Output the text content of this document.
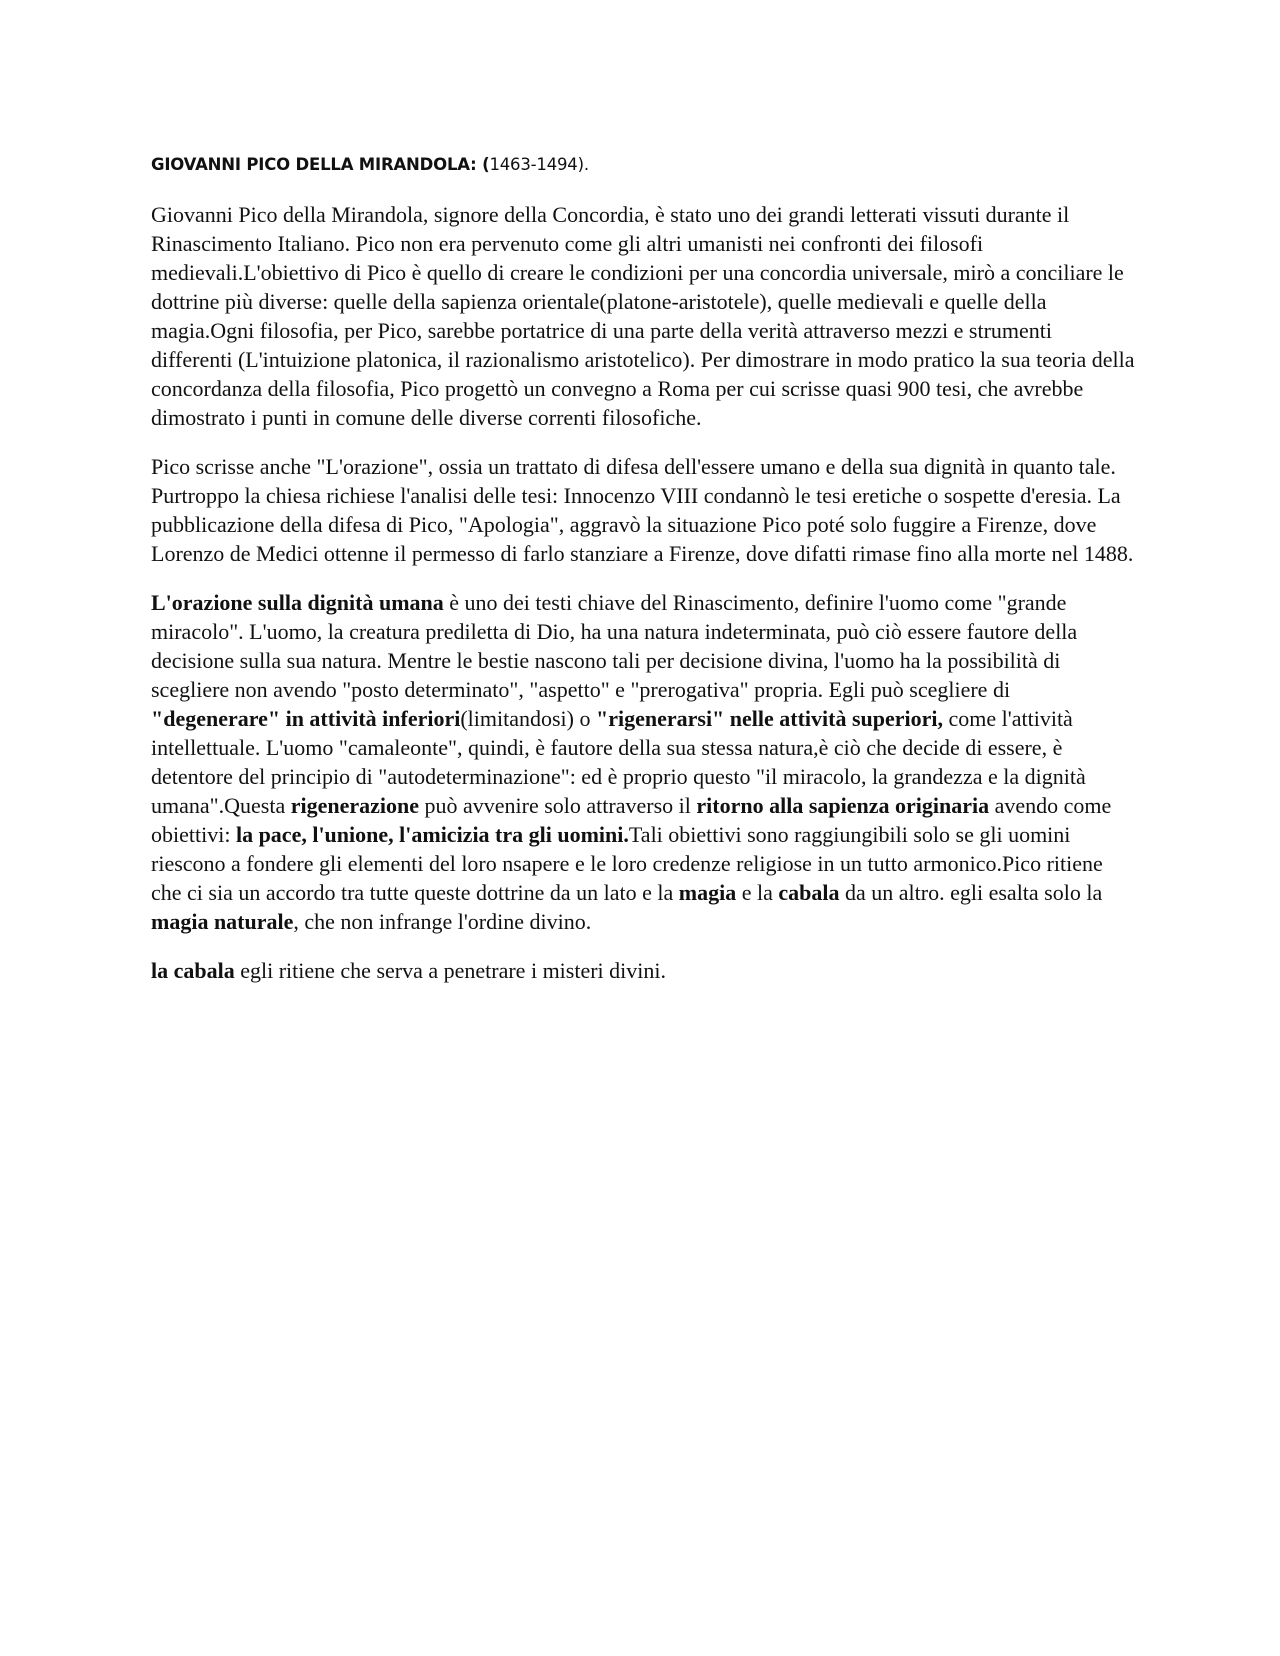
GIOVANNI PICO DELLA MIRANDOLA: (1463-1494).

Giovanni Pico della Mirandola, signore della Concordia, è stato uno dei grandi letterati vissuti durante il Rinascimento Italiano. Pico non era pervenuto come gli altri umanisti nei confronti dei filosofi medievali.L'obiettivo di Pico è quello di creare le condizioni per una concordia universale, mirò a conciliare le dottrine più diverse: quelle della sapienza orientale(platone-aristotele), quelle medievali e quelle della magia.Ogni filosofia, per Pico, sarebbe portatrice di una parte della verità attraverso mezzi e strumenti differenti (L'intuizione platonica, il razionalismo aristotelico). Per dimostrare in modo pratico la sua teoria della concordanza della filosofia, Pico progettò un convegno a Roma per cui scrisse quasi 900 tesi, che avrebbe dimostrato i punti in comune delle diverse correnti filosofiche.

Pico scrisse anche "L'orazione", ossia un trattato di difesa dell'essere umano e della sua dignità in quanto tale. Purtroppo la chiesa richiese l'analisi delle tesi: Innocenzo VIII condannò le tesi eretiche o sospette d'eresia. La pubblicazione della difesa di Pico, "Apologia", aggravò la situazione Pico poté solo fuggire a Firenze, dove Lorenzo de Medici ottenne il permesso di farlo stanziare a Firenze, dove difatti rimase fino alla morte nel 1488.

L'orazione sulla dignità umana è uno dei testi chiave del Rinascimento, definire l'uomo come "grande miracolo". L'uomo, la creatura prediletta di Dio, ha una natura indeterminata, può ciò essere fautore della decisione sulla sua natura. Mentre le bestie nascono tali per decisione divina, l'uomo ha la possibilità di scegliere non avendo "posto determinato", "aspetto" e "prerogativa" propria. Egli può scegliere di "degenerare" in attività inferiori(limitandosi) o "rigenerarsi" nelle attività superiori, come l'attività intellettuale. L'uomo "camaleonte", quindi, è fautore della sua stessa natura,è ciò che decide di essere, è detentore del principio di "autodeterminazione": ed è proprio questo "il miracolo, la grandezza e la dignità umana".Questa rigenerazione può avvenire solo attraverso il ritorno alla sapienza originaria avendo come obiettivi: la pace, l'unione, l'amicizia tra gli uomini.Tali obiettivi sono raggiungibili solo se gli uomini riescono a fondere gli elementi del loro nsapere e le loro credenze religiose in un tutto armonico.Pico ritiene che ci sia un accordo tra tutte queste dottrine da un lato e la magia e la cabala da un altro. egli esalta solo la magia naturale, che non infrange l'ordine divino.

la cabala egli ritiene che serva a penetrare i misteri divini.
